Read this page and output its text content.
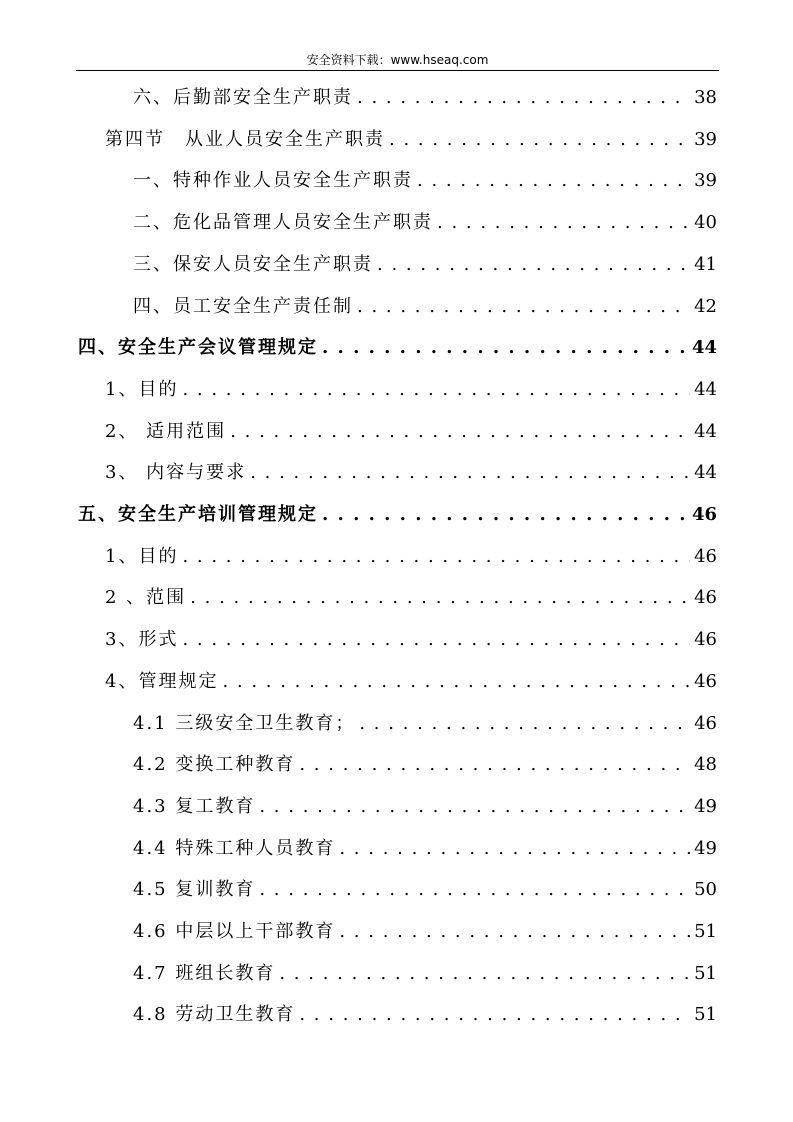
安全资料下载：www.hseaq.com
六、后勤部安全生产职责 . . .	38
第四节　从业人员安全生产职责 . . .	39
一、特种作业人员安全生产职责 . . .	39
二、危化品管理人员安全生产职责 . . .	40
三、保安人员安全生产职责 . . .	41
四、员工安全生产责任制 . . .	42
四、安全生产会议管理规定 . . .	44
1、目的 . . .	44
2、 适用范围 . . .	44
3、 内容与要求 . . .	44
五、安全生产培训管理规定 . . .	46
1、目的 . . .	46
2 、范围 . . .	46
3、形式 . . .	46
4、管理规定 . . .	46
4.1 三级安全卫生教育； . . .	46
4.2 变换工种教育 . . .	48
4.3 复工教育 . . .	49
4.4 特殊工种人员教育 . . .	49
4.5 复训教育 . . .	50
4.6 中层以上干部教育 . . .	51
4.7 班组长教育 . . .	51
4.8 劳动卫生教育 . . .	51
